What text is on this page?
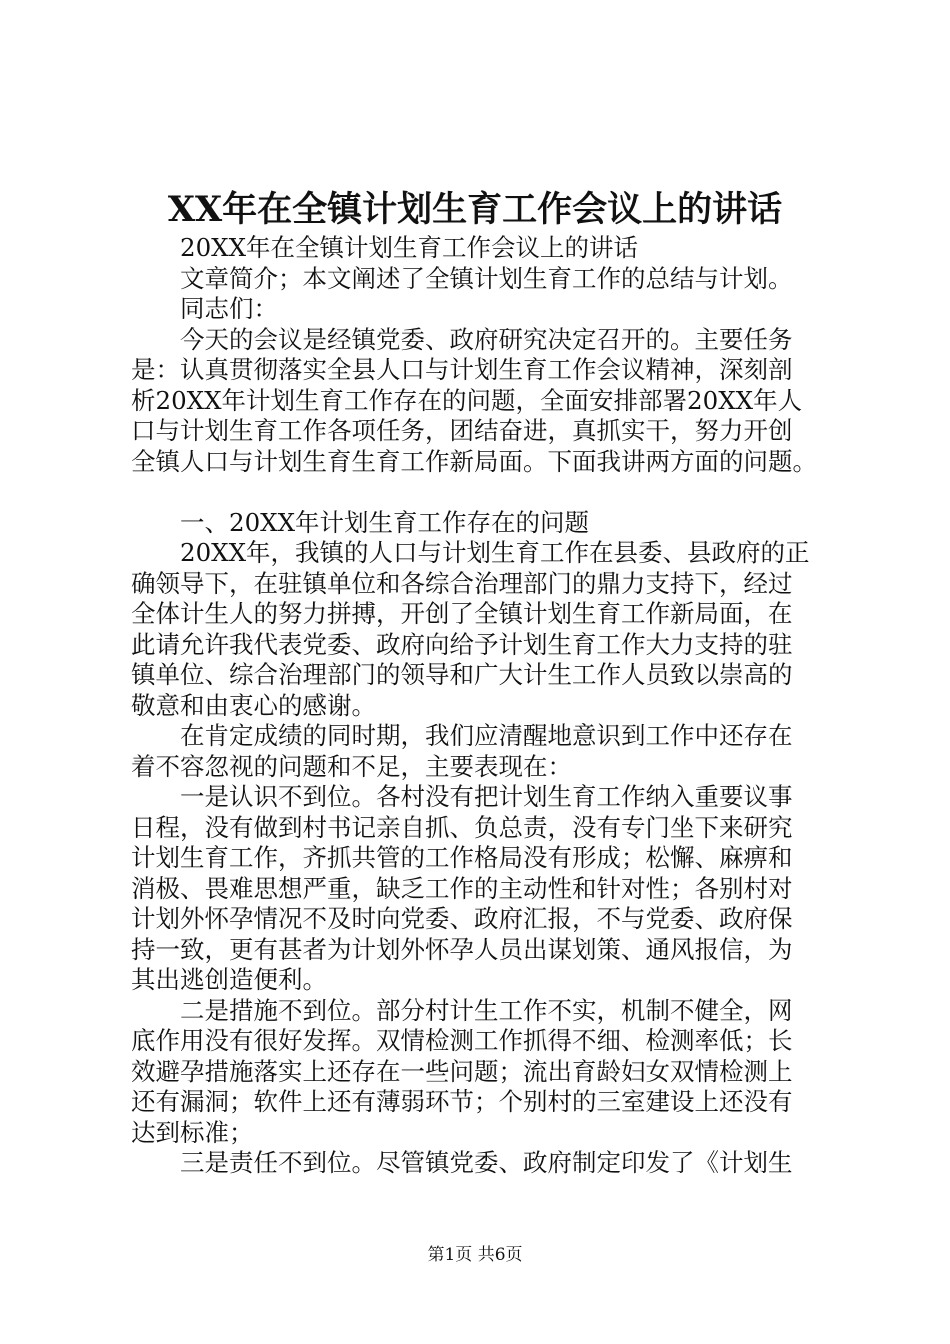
XX年在全镇计划生育工作会议上的讲话
20XX年在全镇计划生育工作会议上的讲话
文章简介；本文阐述了全镇计划生育工作的总结与计划。
同志们：
今天的会议是经镇党委、政府研究决定召开的。主要任务
是：认真贯彻落实全县人口与计划生育工作会议精神，深刻剖
析20XX年计划生育工作存在的问题，全面安排部署20XX年人
口与计划生育工作各项任务，团结奋进，真抓实干，努力开创
全镇人口与计划生育生育工作新局面。下面我讲两方面的问题。
一、20XX年计划生育工作存在的问题
20XX年，我镇的人口与计划生育工作在县委、县政府的正
确领导下，在驻镇单位和各综合治理部门的鼎力支持下，经过
全体计生人的努力拼搏，开创了全镇计划生育工作新局面，在
此请允许我代表党委、政府向给予计划生育工作大力支持的驻
镇单位、综合治理部门的领导和广大计生工作人员致以崇高的
敬意和由衷心的感谢。
在肯定成绩的同时期，我们应清醒地意识到工作中还存在
着不容忽视的问题和不足，主要表现在：
一是认识不到位。各村没有把计划生育工作纳入重要议事
日程，没有做到村书记亲自抓、负总责，没有专门坐下来研究
计划生育工作，齐抓共管的工作格局没有形成；松懈、麻痹和
消极、畏难思想严重，缺乏工作的主动性和针对性；各别村对
计划外怀孕情况不及时向党委、政府汇报，不与党委、政府保
持一致，更有甚者为计划外怀孕人员出谋划策、通风报信，为
其出逃创造便利。
二是措施不到位。部分村计生工作不实，机制不健全，网
底作用没有很好发挥。双情检测工作抓得不细、检测率低；长
效避孕措施落实上还存在一些问题；流出育龄妇女双情检测上
还有漏洞；软件上还有薄弱环节；个别村的三室建设上还没有
达到标准；
三是责任不到位。尽管镇党委、政府制定印发了《计划生
第1页 共6页
